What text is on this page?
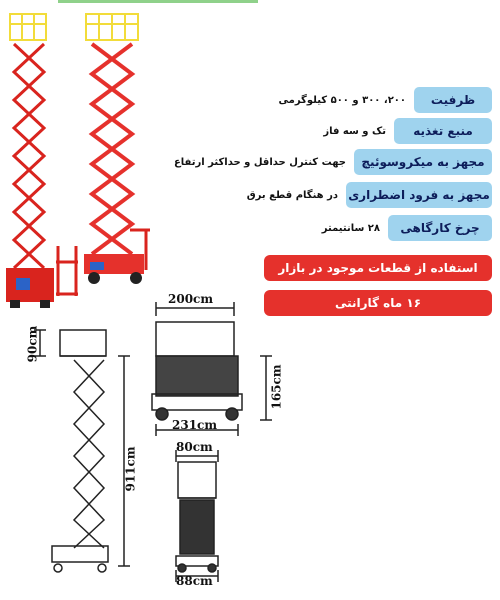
ظرفیت
۲۰۰، ۳۰۰ و ۵۰۰ کیلوگرمی
منبع تغذیه
تک و سه فاز
مجهز به میکروسوئیچ
جهت کنترل حداقل و حداکثر ارتفاع
مجهز به فرود اضطراری
در هنگام قطع برق
چرخ کارگاهی
۲۸ سانتیمتر
استفاده از قطعات موجود در بازار
۱۶ ماه گارانتی
90cm
911cm
200cm
165cm
231cm
80cm
88cm
